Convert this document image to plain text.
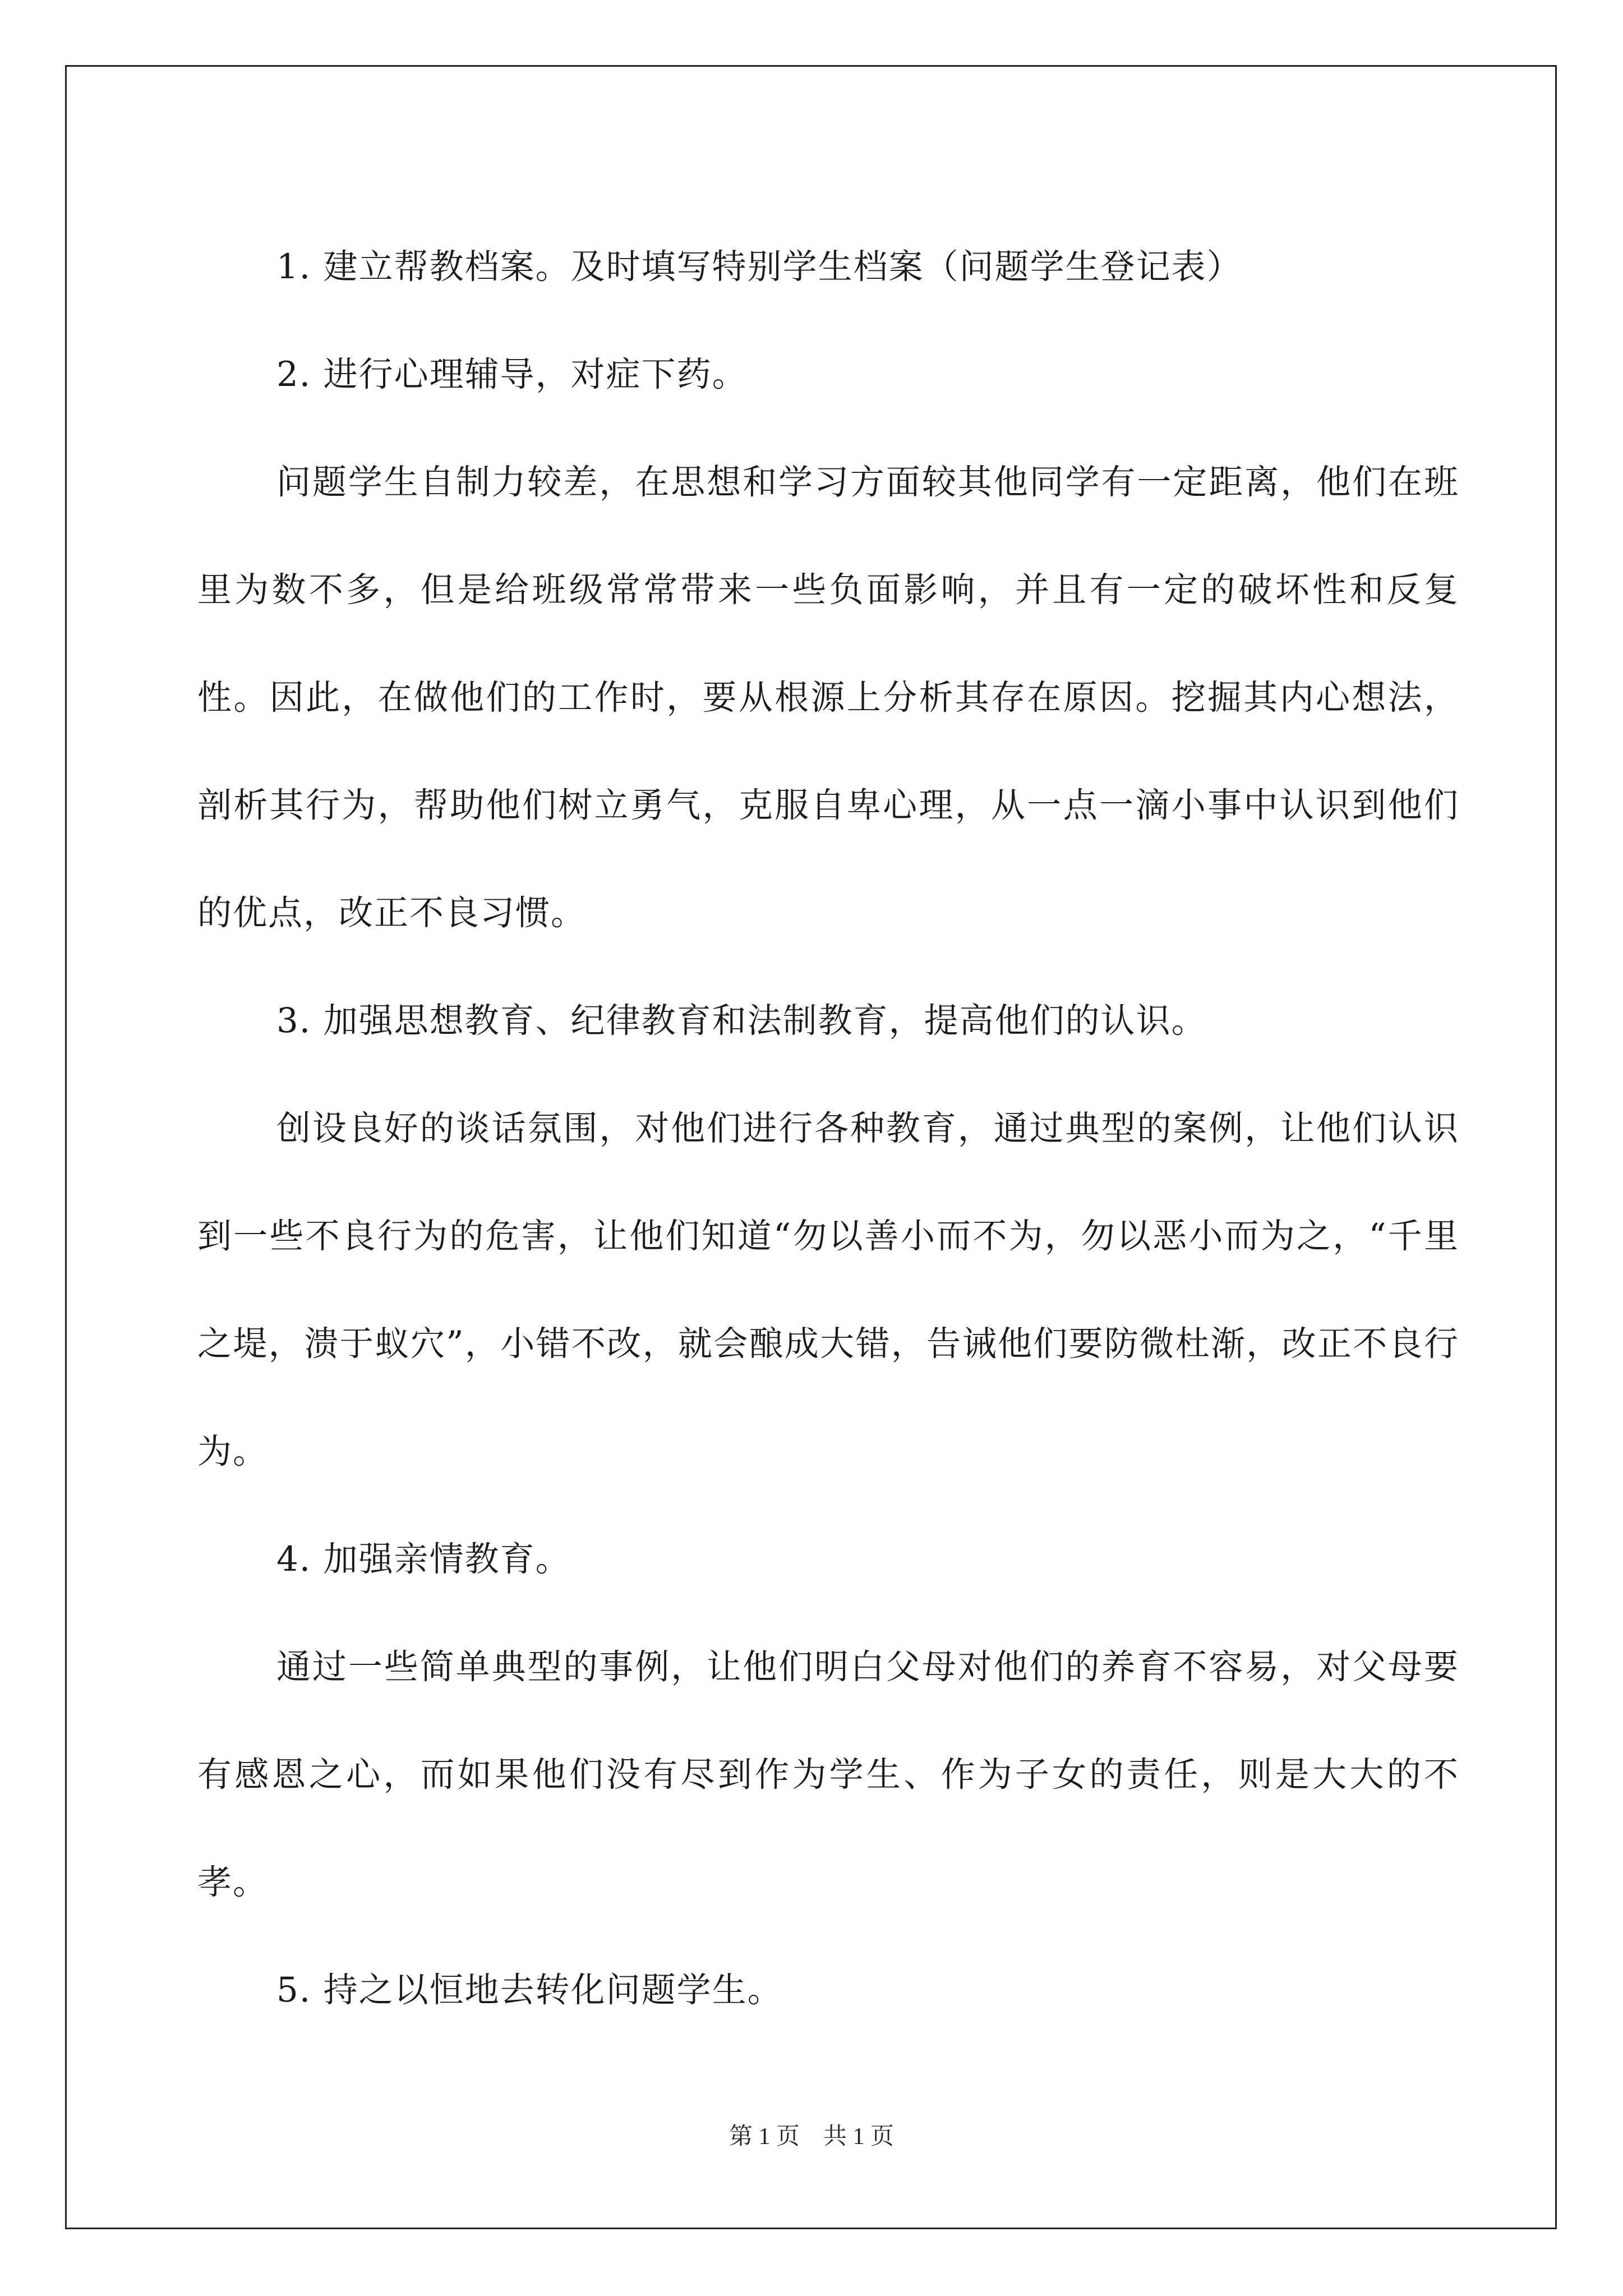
1. 建立帮教档案。及时填写特别学生档案（问题学生登记表）

2. 进行心理辅导，对症下药。

问题学生自制力较差，在思想和学习方面较其他同学有一定距离，他们在班里为数不多，但是给班级常常带来一些负面影响，并且有一定的破坏性和反复性。因此，在做他们的工作时，要从根源上分析其存在原因。挖掘其内心想法，剖析其行为，帮助他们树立勇气，克服自卑心理，从一点一滴小事中认识到他们的优点，改正不良习惯。

3. 加强思想教育、纪律教育和法制教育，提高他们的认识。

创设良好的谈话氛围，对他们进行各种教育，通过典型的案例，让他们认识到一些不良行为的危害，让他们知道“勿以善小而不为，勿以恶小而为之，“千里之堤，溃于蚁穴”，小错不改，就会酿成大错，告诫他们要防微杜渐，改正不良行为。

4. 加强亲情教育。

通过一些简单典型的事例，让他们明白父母对他们的养育不容易，对父母要有感恩之心，而如果他们没有尽到作为学生、作为子女的责任，则是大大的不孝。

5. 持之以恒地去转化问题学生。

第 1 页    共 1 页
